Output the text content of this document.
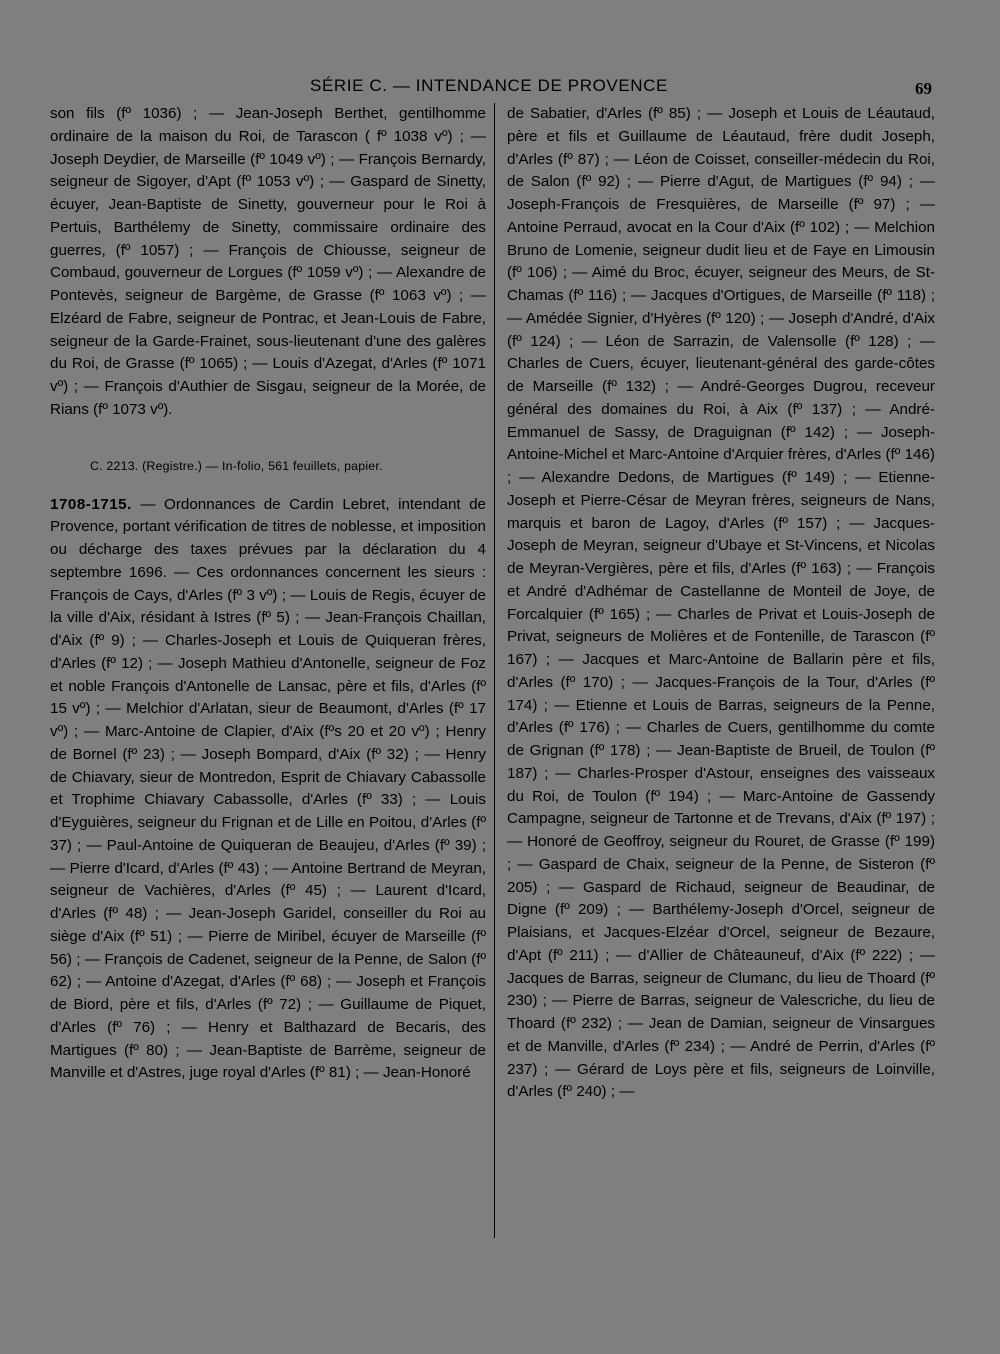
SÉRIE C. — INTENDANCE DE PROVENCE	69

son fils (fº 1036) ; — Jean-Joseph Berthet, gentilhomme ordinaire de la maison du Roi, de Tarascon ( fº 1038 vº) ; — Joseph Deydier, de Marseille (fº 1049 vº) ; — François Bernardy, seigneur de Sigoyer, d'Apt (fº 1053 vº) ; — Gaspard de Sinetty, écuyer, Jean-Baptiste de Sinetty, gouverneur pour le Roi à Pertuis, Barthélemy de Sinetty, commissaire ordinaire des guerres, (fº 1057) ; — François de Chiousse, seigneur de Combaud, gouverneur de Lorgues (fº 1059 vº) ; — Alexandre de Pontevès, seigneur de Bargème, de Grasse (fº 1063 vº) ; — Elzéard de Fabre, seigneur de Pontrac, et Jean-Louis de Fabre, seigneur de la Garde-Frainet, sous-lieutenant d'une des galères du Roi, de Grasse (fº 1065) ; — Louis d'Azegat, d'Arles (fº 1071 vº) ; — François d'Authier de Sisgau, seigneur de la Morée, de Rians (fº 1073 vº).

C. 2213. (Registre.) — In-folio, 561 feuillets, papier.

1708-1715. — Ordonnances de Cardin Lebret, intendant de Provence, portant vérification de titres de noblesse, et imposition ou décharge des taxes prévues par la déclaration du 4 septembre 1696. — Ces ordonnances concernent les sieurs : François de Cays, d'Arles (fº 3 vº) ; — Louis de Regis, écuyer de la ville d'Aix, résidant à Istres (fº 5) ; — Jean-François Chaillan, d'Aix (fº 9) ; — Charles-Joseph et Louis de Quiqueran frères, d'Arles (fº 12) ; — Joseph Mathieu d'Antonelle, seigneur de Foz et noble François d'Antonelle de Lansac, père et fils, d'Arles (fº 15 vº) ; — Melchior d'Arlatan, sieur de Beaumont, d'Arles (fº 17 vº) ; — Marc-Antoine de Clapier, d'Aix (fºs 20 et 20 vº) ; Henry de Bornel (fº 23) ; — Joseph Bompard, d'Aix (fº 32) ; — Henry de Chiavary, sieur de Montredon, Esprit de Chiavary Cabassolle et Trophime Chiavary Cabassolle, d'Arles (fº 33) ; — Louis d'Eyguières, seigneur du Frignan et de Lille en Poitou, d'Arles (fº 37) ; — Paul-Antoine de Quiqueran de Beaujeu, d'Arles (fº 39) ; — Pierre d'Icard, d'Arles (fº 43) ; — Antoine Bertrand de Meyran, seigneur de Vachières, d'Arles (fº 45) ; — Laurent d'Icard, d'Arles (fº 48) ; — Jean-Joseph Garidel, conseiller du Roi au siège d'Aix (fº 51) ; — Pierre de Miribel, écuyer de Marseille (fº 56) ; — François de Cadenet, seigneur de la Penne, de Salon (fº 62) ; — Antoine d'Azegat, d'Arles (fº 68) ; — Joseph et François de Biord, père et fils, d'Arles (fº 72) ; — Guillaume de Piquet, d'Arles (fº 76) ; — Henry et Balthazard de Becaris, des Martigues (fº 80) ; — Jean-Baptiste de Barrème, seigneur de Manville et d'Astres, juge royal d'Arles (fº 81) ; — Jean-Honoré

de Sabatier, d'Arles (fº 85) ; — Joseph et Louis de Léautaud, père et fils et Guillaume de Léautaud, frère dudit Joseph, d'Arles (fº 87) ; — Léon de Coisset, conseiller-médecin du Roi, de Salon (fº 92) ; — Pierre d'Agut, de Martigues (fº 94) ; — Joseph-François de Fresquières, de Marseille (fº 97) ; — Antoine Perraud, avocat en la Cour d'Aix (fº 102) ; — Melchion Bruno de Lomenie, seigneur dudit lieu et de Faye en Limousin (fº 106) ; — Aimé du Broc, écuyer, seigneur des Meurs, de St-Chamas (fº 116) ; — Jacques d'Ortigues, de Marseille (fº 118) ; — Amédée Signier, d'Hyères (fº 120) ; — Joseph d'André, d'Aix (fº 124) ; — Léon de Sarrazin, de Valensolle (fº 128) ; — Charles de Cuers, écuyer, lieutenant-général des garde-côtes de Marseille (fº 132) ; — André-Georges Dugrou, receveur général des domaines du Roi, à Aix (fº 137) ; — André-Emmanuel de Sassy, de Draguignan (fº 142) ; — Joseph-Antoine-Michel et Marc-Antoine d'Arquier frères, d'Arles (fº 146) ; — Alexandre Dedons, de Martigues (fº 149) ; — Etienne-Joseph et Pierre-César de Meyran frères, seigneurs de Nans, marquis et baron de Lagoy, d'Arles (fº 157) ; — Jacques-Joseph de Meyran, seigneur d'Ubaye et St-Vincens, et Nicolas de Meyran-Vergières, père et fils, d'Arles (fº 163) ; — François et André d'Adhémar de Castellanne de Monteil de Joye, de Forcalquier (fº 165) ; — Charles de Privat et Louis-Joseph de Privat, seigneurs de Molières et de Fontenille, de Tarascon (fº 167) ; — Jacques et Marc-Antoine de Ballarin père et fils, d'Arles (fº 170) ; — Jacques-François de la Tour, d'Arles (fº 174) ; — Etienne et Louis de Barras, seigneurs de la Penne, d'Arles (fº 176) ; — Charles de Cuers, gentilhomme du comte de Grignan (fº 178) ; — Jean-Baptiste de Brueil, de Toulon (fº 187) ; — Charles-Prosper d'Astour, enseignes des vaisseaux du Roi, de Toulon (fº 194) ; — Marc-Antoine de Gassendy Campagne, seigneur de Tartonne et de Trevans, d'Aix (fº 197) ; — Honoré de Geoffroy, seigneur du Rouret, de Grasse (fº 199) ; — Gaspard de Chaix, seigneur de la Penne, de Sisteron (fº 205) ; — Gaspard de Richaud, seigneur de Beaudinar, de Digne (fº 209) ; — Barthélemy-Joseph d'Orcel, seigneur de Plaisians, et Jacques-Elzéar d'Orcel, seigneur de Bezaure, d'Apt (fº 211) ; — d'Allier de Châteauneuf, d'Aix (fº 222) ; — Jacques de Barras, seigneur de Clumanc, du lieu de Thoard (fº 230) ; — Pierre de Barras, seigneur de Valescriche, du lieu de Thoard (fº 232) ; — Jean de Damian, seigneur de Vinsargues et de Manville, d'Arles (fº 234) ; — André de Perrin, d'Arles (fº 237) ; — Gérard de Loys père et fils, seigneurs de Loinville, d'Arles (fº 240) ; —
